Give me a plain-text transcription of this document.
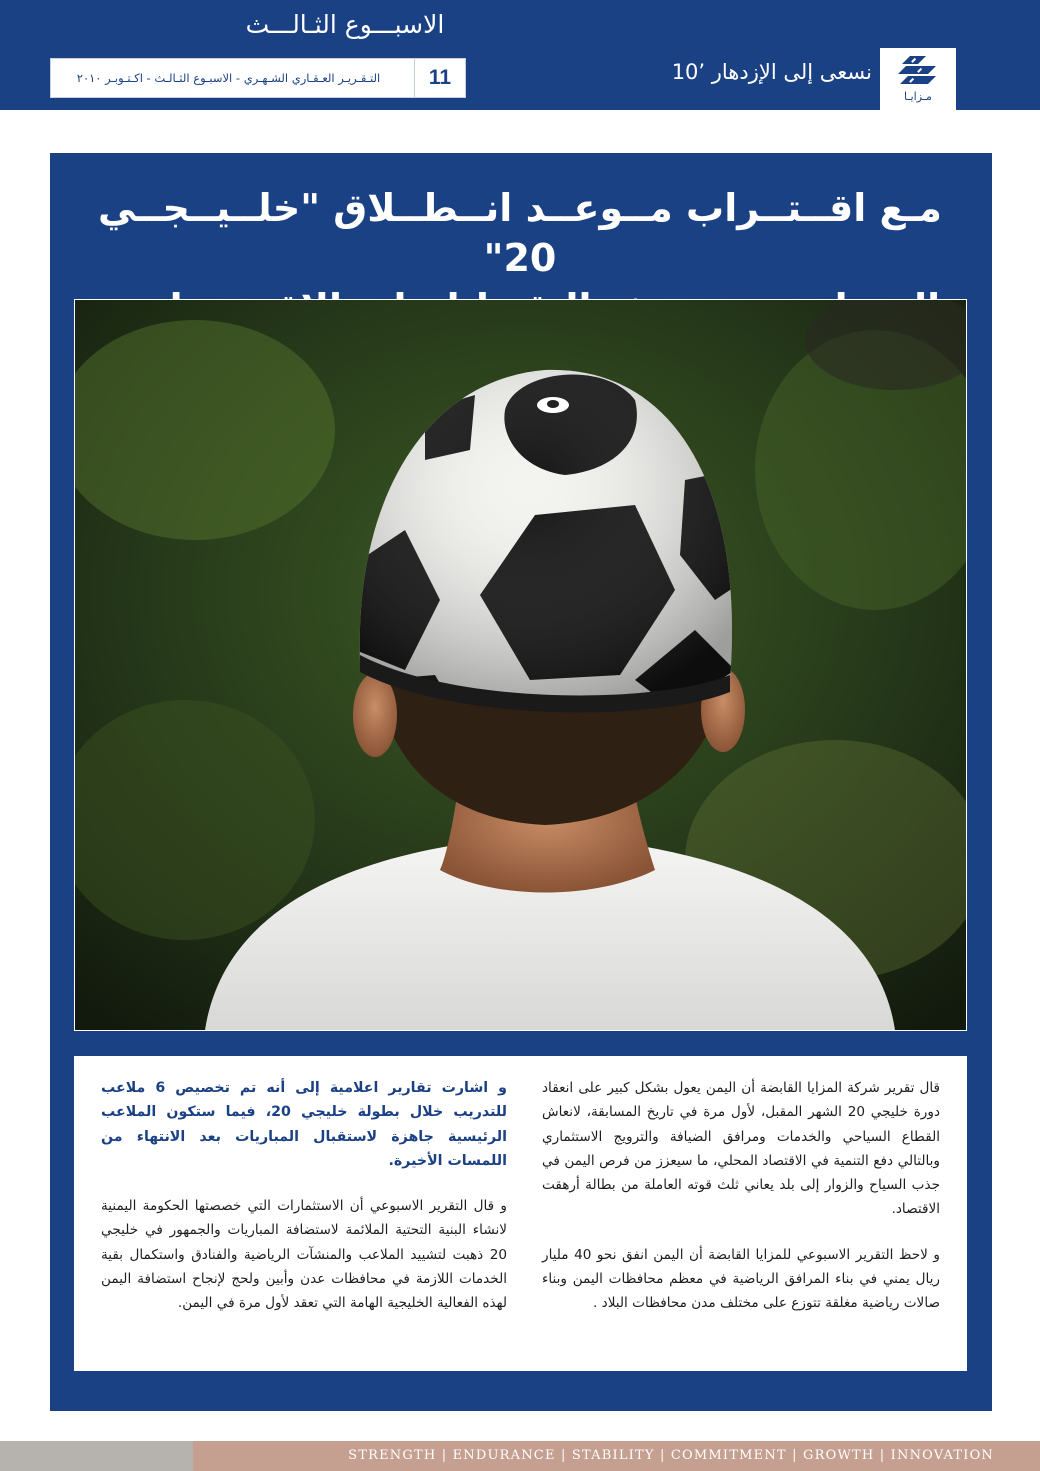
الاسبـــوع الثـالـــث
التـقـريـر العـقـاري الشـهـري - الاسبـوع الثـالـث - اكـتـوبـر ٢٠١٠	11	نسعى إلى الإزدهار ’10
مـزايـا
مـع اقــتــراب مــوعــد انــطــلاق "خلــيــجــي 20"

قال تقرير شركة المزايا القابضة أن اليمن يعول بشكل كبير على انعقاد دورة خليجي 20 الشهر المقبل، لأول مرة في تاريخ المسابقة، لانعاش القطاع السياحي والخدمات ومرافق الضيافة والترويج الاستثماري وبالتالي دفع التنمية في الاقتصاد المحلي، ما سيعزز من فرص اليمن في جذب السياح والزوار إلى بلد يعاني ثلث قوته العاملة من بطالة أرهقت الاقتصاد.

و لاحظ التقرير الاسبوعي للمزايا القابضة أن اليمن انفق نحو 40 مليار ريال يمني في بناء المرافق الرياضية في معظم محافظات اليمن وبناء صالات رياضية مغلقة تتوزع على مختلف مدن محافظات البلاد .

و اشارت تقارير اعلامية إلى أنه تم تخصيص 6 ملاعب للتدريب خلال بطولة خليجي 20، فيما ستكون الملاعب الرئيسية جاهزة لاستقبال المباريات بعد الانتهاء من اللمسات الأخيرة.

و قال التقرير الاسبوعي أن الاستثمارات التي خصصتها الحكومة اليمنية لانشاء البنية التحتية الملائمة لاستضافة المباريات والجمهور في خليجي 20 ذهبت لتشييد الملاعب والمنشآت الرياضية والفنادق واستكمال بقية الخدمات اللازمة في محافظات عدن وأبين ولحج لإنجاح استضافة اليمن لهذه الفعالية الخليجية الهامة التي تعقد لأول مرة في اليمن.

STRENGTH | ENDURANCE | STABILITY | COMMITMENT | GROWTH | INNOVATION
